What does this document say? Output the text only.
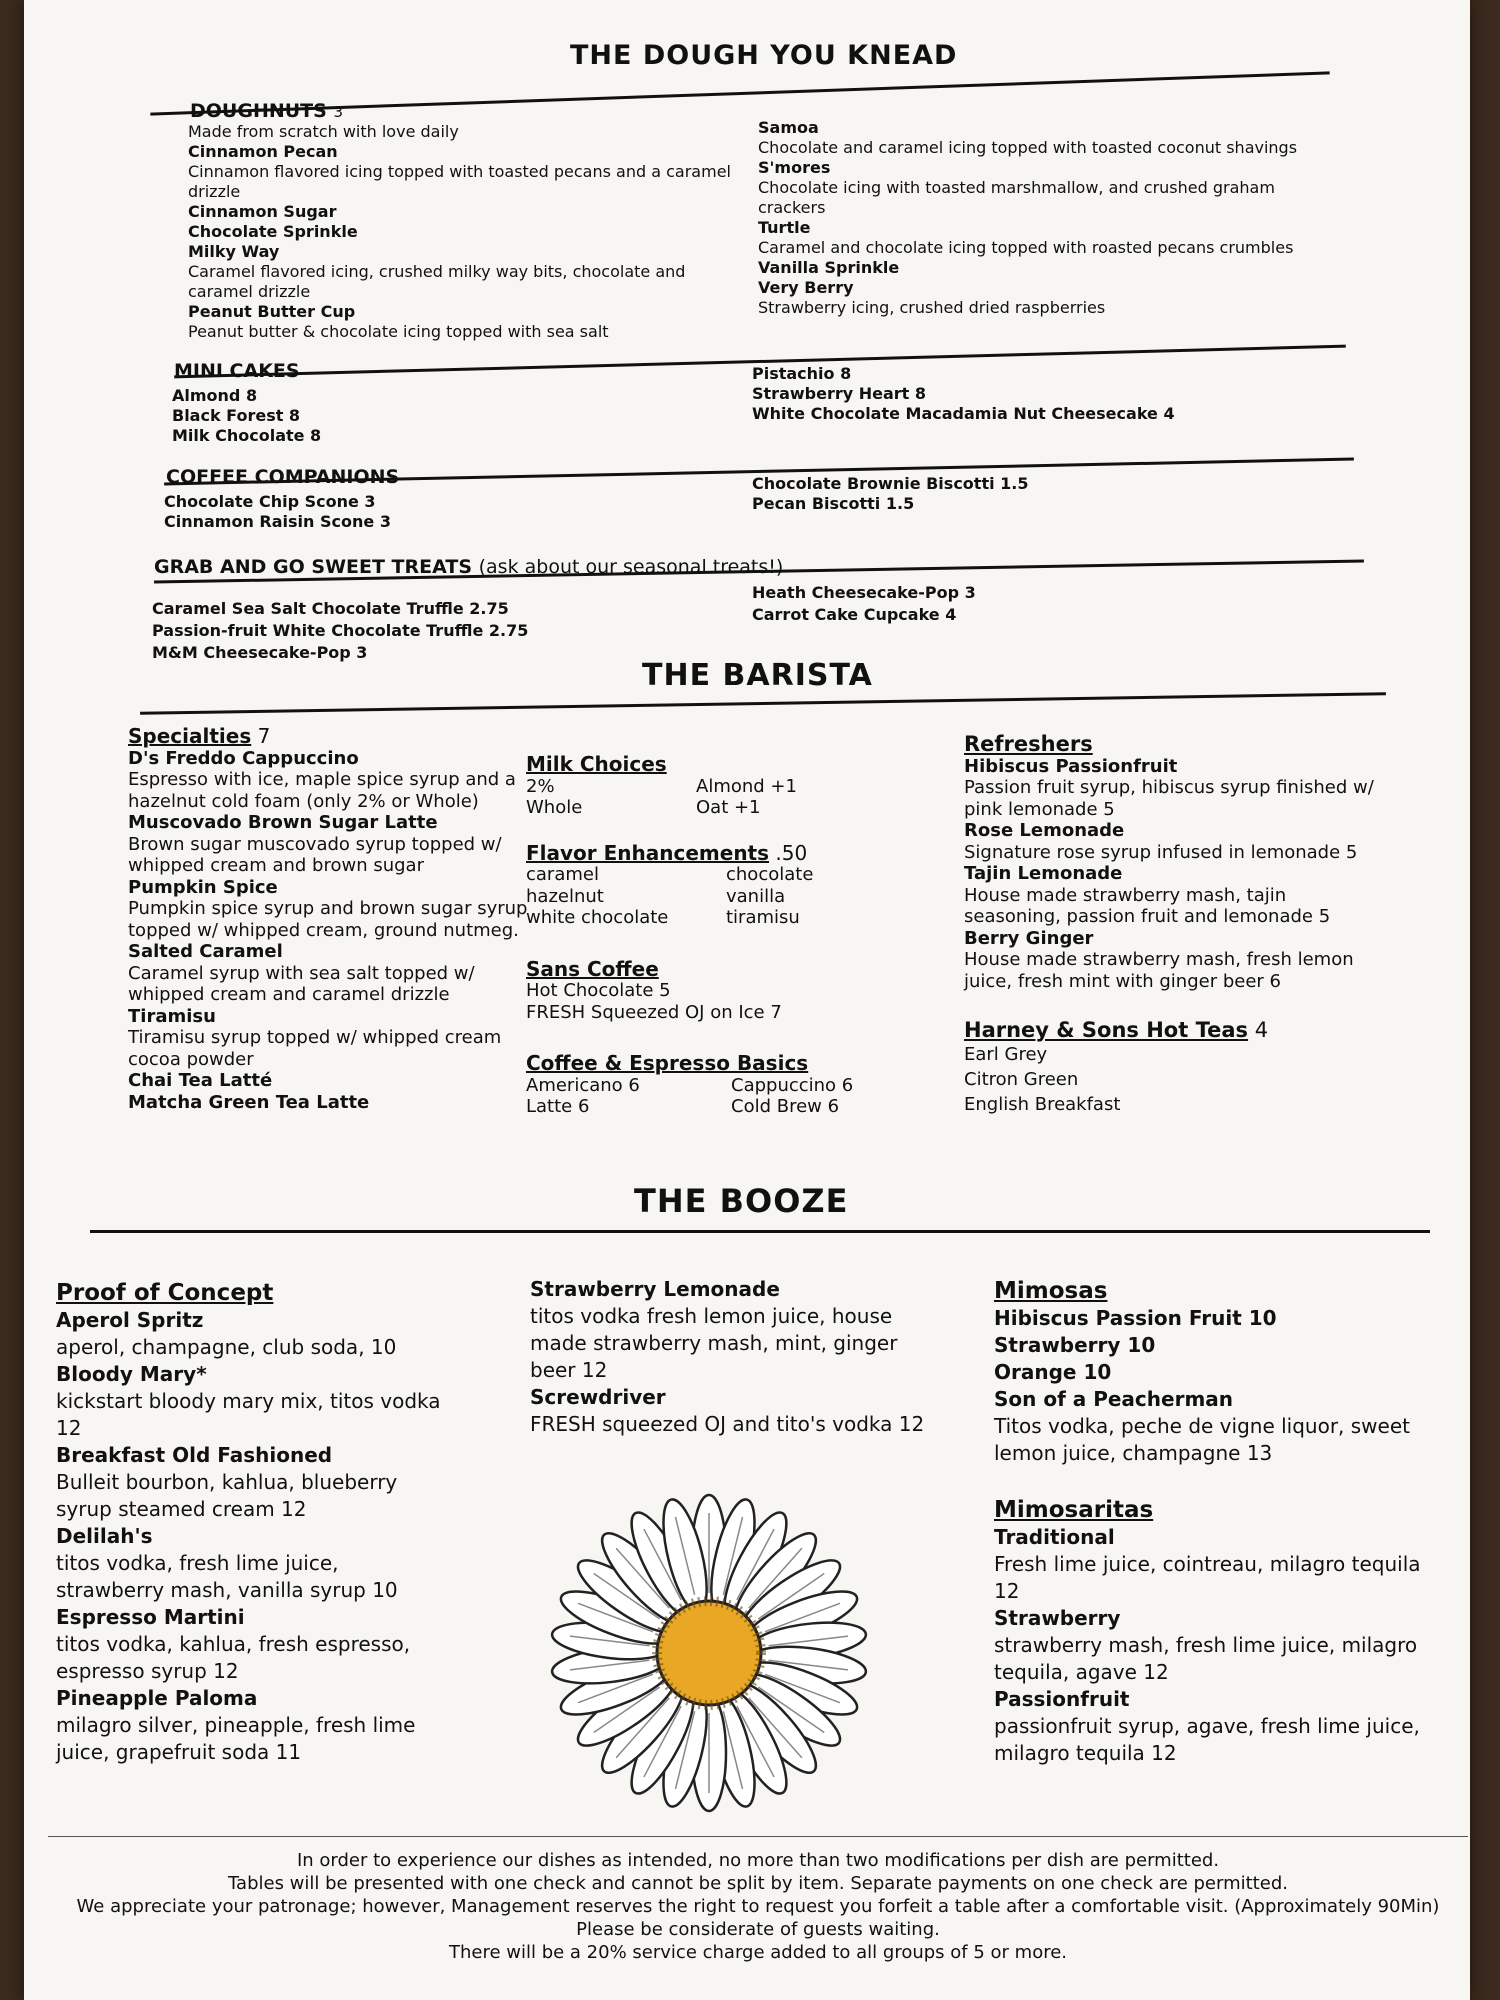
THE DOUGH YOU KNEAD
DOUGHNUTS 3
Made from scratch with love daily
Cinnamon Pecan
Cinnamon flavored icing topped with toasted pecans and a caramel drizzle
Cinnamon Sugar
Chocolate Sprinkle
Milky Way
Caramel flavored icing, crushed milky way bits, chocolate and caramel drizzle
Peanut Butter Cup
Peanut butter & chocolate icing topped with sea salt
Samoa
Chocolate and caramel icing topped with toasted coconut shavings
S'mores
Chocolate icing with toasted marshmallow, and crushed graham crackers
Turtle
Caramel and chocolate icing topped with roasted pecans crumbles
Vanilla Sprinkle
Very Berry
Strawberry icing, crushed dried raspberries
MINI CAKES
Almond 8
Black Forest 8
Milk Chocolate 8
Pistachio 8
Strawberry Heart 8
White Chocolate Macadamia Nut Cheesecake 4
COFFEE COMPANIONS
Chocolate Chip Scone 3
Cinnamon Raisin Scone 3
Chocolate Brownie Biscotti 1.5
Pecan Biscotti 1.5
GRAB AND GO SWEET TREATS (ask about our seasonal treats!)
Caramel Sea Salt Chocolate Truffle 2.75
Passion-fruit White Chocolate Truffle 2.75
M&M Cheesecake-Pop 3
Heath Cheesecake-Pop 3
Carrot Cake Cupcake 4
THE BARISTA
Specialties 7
D's Freddo Cappuccino
Espresso with ice, maple spice syrup and a hazelnut cold foam (only 2% or Whole)
Muscovado Brown Sugar Latte
Brown sugar muscovado syrup topped w/ whipped cream and brown sugar
Pumpkin Spice
Pumpkin spice syrup and brown sugar syrup topped w/ whipped cream, ground nutmeg.
Salted Caramel
Caramel syrup with sea salt topped w/ whipped cream and caramel drizzle
Tiramisu
Tiramisu syrup topped w/ whipped cream cocoa powder
Chai Tea Latté
Matcha Green Tea Latte
Milk Choices
2%
Whole
Almond +1
Oat +1
Flavor Enhancements .50
caramel
hazelnut
white chocolate
chocolate
vanilla
tiramisu
Sans Coffee
Hot Chocolate 5
FRESH Squeezed OJ on Ice 7
Coffee & Espresso Basics
Americano 6
Latte 6
Cappuccino 6
Cold Brew 6
Refreshers
Hibiscus Passionfruit
Passion fruit syrup, hibiscus syrup finished w/ pink lemonade 5
Rose Lemonade
Signature rose syrup infused in lemonade 5
Tajin Lemonade
House made strawberry mash, tajin seasoning, passion fruit and lemonade 5
Berry Ginger
House made strawberry mash, fresh lemon juice, fresh mint with ginger beer 6
Harney & Sons Hot Teas 4
Earl Grey
Citron Green
English Breakfast
THE BOOZE
Proof of Concept
Aperol Spritz
aperol, champagne, club soda, 10
Bloody Mary*
kickstart bloody mary mix, titos vodka 12
Breakfast Old Fashioned
Bulleit bourbon, kahlua, blueberry syrup steamed cream 12
Delilah's
titos vodka, fresh lime juice, strawberry mash, vanilla syrup 10
Espresso Martini
titos vodka, kahlua, fresh espresso, espresso syrup 12
Pineapple Paloma
milagro silver, pineapple, fresh lime juice, grapefruit soda 11
Strawberry Lemonade
titos vodka fresh lemon juice, house made strawberry mash, mint, ginger beer 12
Screwdriver
FRESH squeezed OJ and tito's vodka 12
Mimosas
Hibiscus Passion Fruit 10
Strawberry 10
Orange 10
Son of a Peacherman
Titos vodka, peche de vigne liquor, sweet lemon juice, champagne 13
Mimosaritas
Traditional
Fresh lime juice, cointreau, milagro tequila 12
Strawberry
strawberry mash, fresh lime juice, milagro tequila, agave 12
Passionfruit
passionfruit syrup, agave, fresh lime juice, milagro tequila 12
In order to experience our dishes as intended, no more than two modifications per dish are permitted.
Tables will be presented with one check and cannot be split by item. Separate payments on one check are permitted.
We appreciate your patronage; however, Management reserves the right to request you forfeit a table after a comfortable visit. (Approximately 90Min) Please be considerate of guests waiting.
There will be a 20% service charge added to all groups of 5 or more.
